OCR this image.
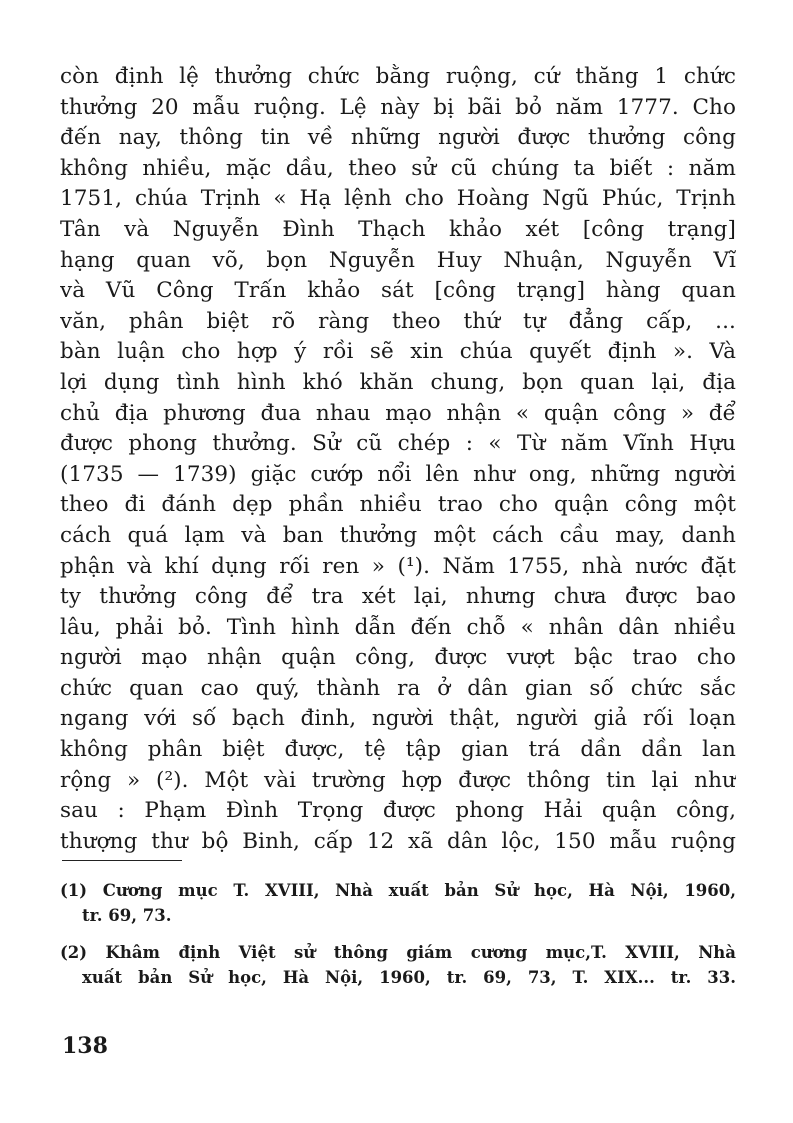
còn định lệ thưởng chức bằng ruộng, cứ thăng 1 chức
thưởng 20 mẫu ruộng. Lệ này bị bãi bỏ năm 1777. Cho
đến nay, thông tin về những người được thưởng công
không nhiều, mặc dầu, theo sử cũ chúng ta biết : năm
1751, chúa Trịnh « Hạ lệnh cho Hoàng Ngũ Phúc, Trịnh
Tân và Nguyễn Đình Thạch khảo xét [công trạng]
hạng quan võ, bọn Nguyễn Huy Nhuận, Nguyễn Vĩ
và Vũ Công Trấn khảo sát [công trạng] hàng quan
văn, phân biệt rõ ràng theo thứ tự đẳng cấp, ...
bàn luận cho hợp ý rồi sẽ xin chúa quyết định ». Và
lợi dụng tình hình khó khăn chung, bọn quan lại, địa
chủ địa phương đua nhau mạo nhận « quận công » để
được phong thưởng. Sử cũ chép : « Từ năm Vĩnh Hựu
(1735 — 1739) giặc cướp nổi lên như ong, những người
theo đi đánh dẹp phần nhiều trao cho quận công một
cách quá lạm và ban thưởng một cách cầu may, danh
phận và khí dụng rối ren » (¹). Năm 1755, nhà nước đặt
ty thưởng công để tra xét lại, nhưng chưa được bao
lâu, phải bỏ. Tình hình dẫn đến chỗ « nhân dân nhiều
người mạo nhận quận công, được vượt bậc trao cho
chức quan cao quý, thành ra ở dân gian số chức sắc
ngang với số bạch đinh, người thật, người giả rối loạn
không phân biệt được, tệ tập gian trá dần dần lan
rộng » (²). Một vài trường hợp được thông tin lại như
sau : Phạm Đình Trọng được phong Hải quận công,
thượng thư bộ Binh, cấp 12 xã dân lộc, 150 mẫu ruộng
(1) Cương mục T. XVIII, Nhà xuất bản Sử học, Hà Nội, 1960,
tr. 69, 73.
(2) Khâm định Việt sử thông giám cương mục,T. XVIII, Nhà
xuất bản Sử học, Hà Nội, 1960, tr. 69, 73, T. XIX... tr. 33.
138
